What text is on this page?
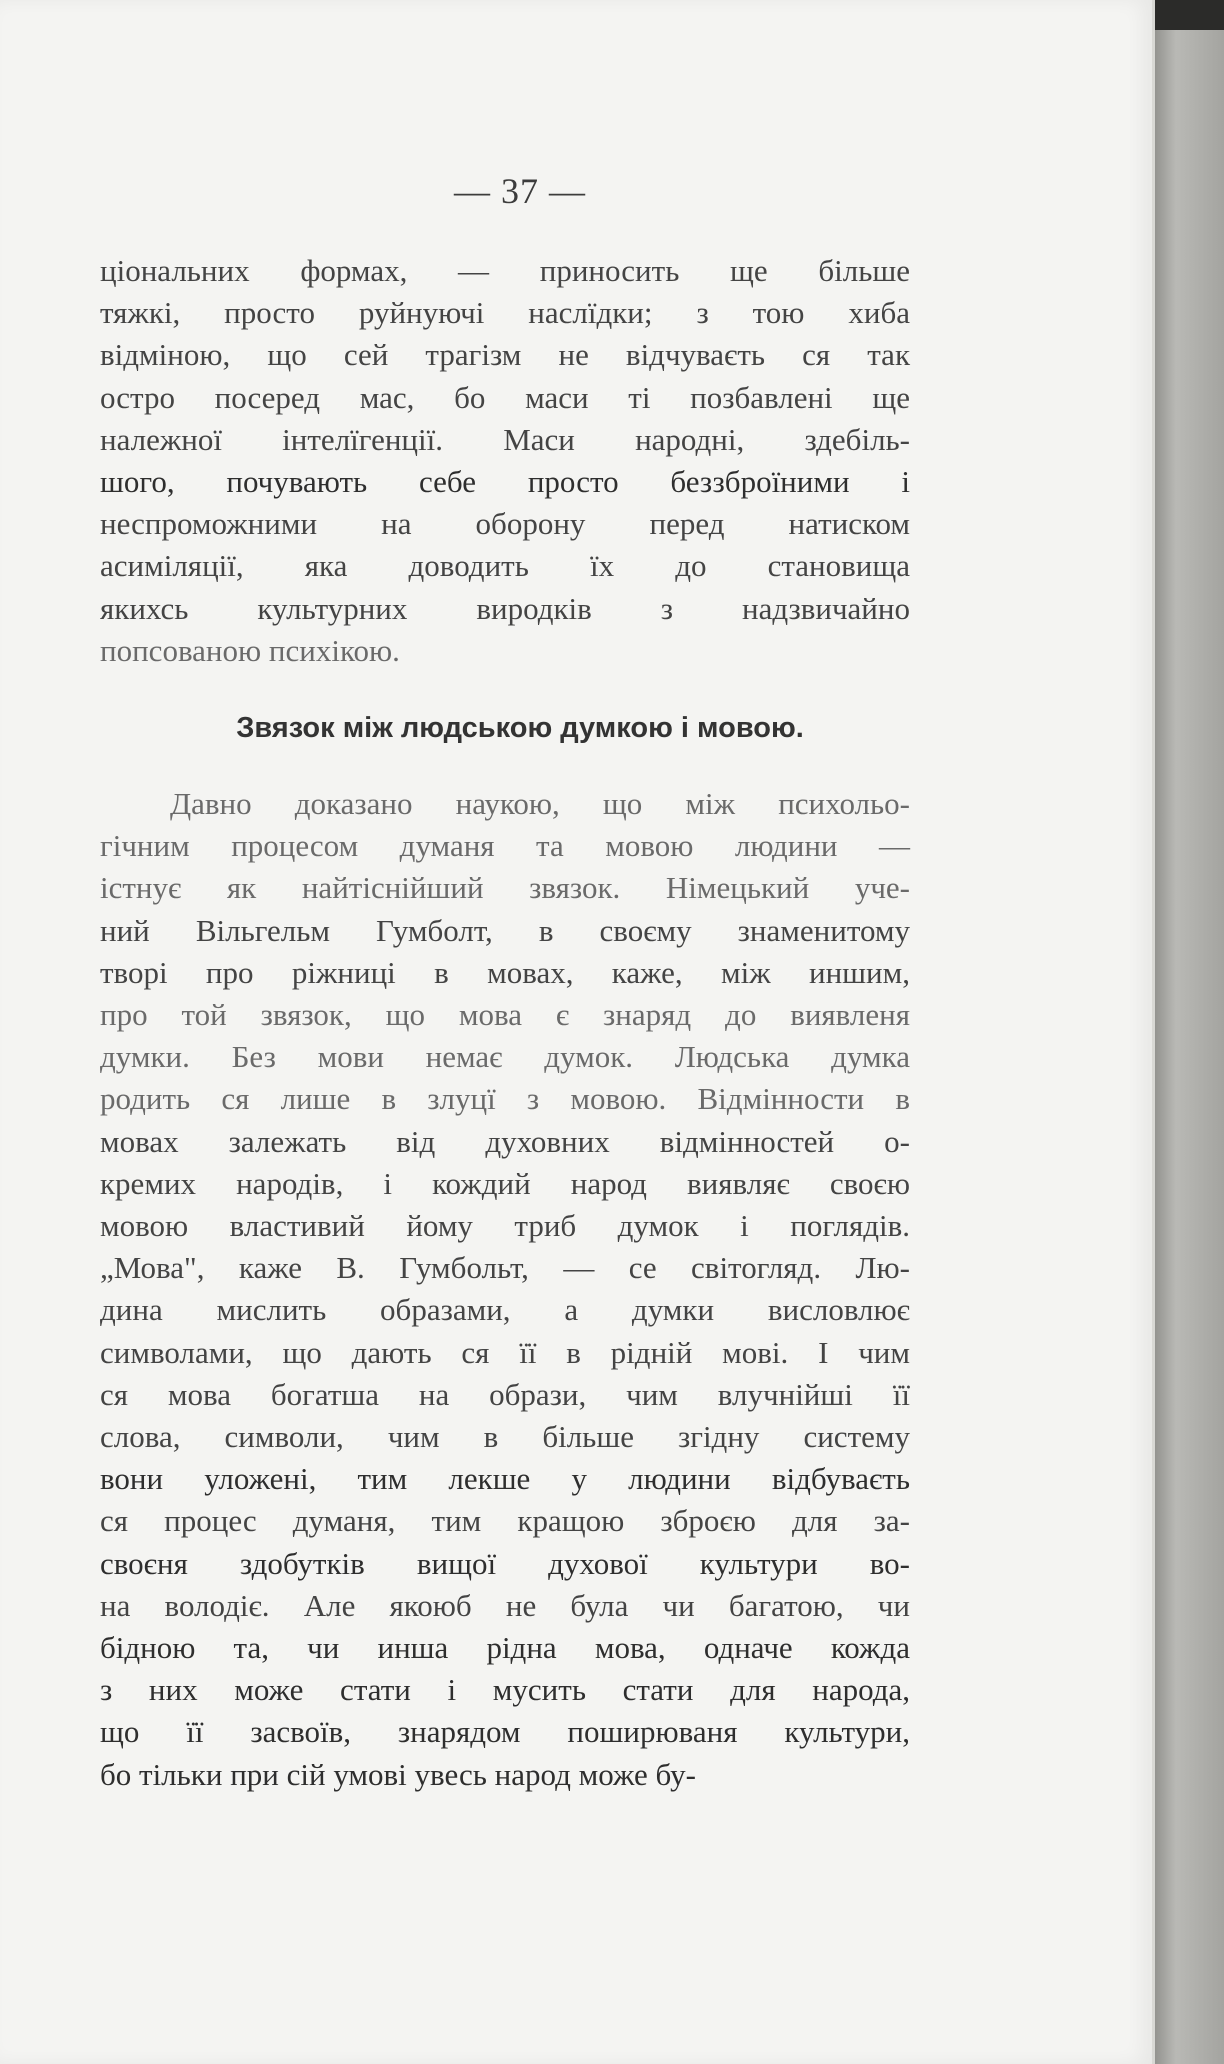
— 37 —
ціональних формах, — приносить ще більше
тяжкі, просто руйнуючі наслїдки; з тою хиба
відміною, що сей трагізм не відчуваєть ся так
остро посеред мас, бо маси ті позбавлені ще
належної інтелїгенції. Маси народні, здебіль-
шого, почувають себе просто беззброїними і
неспроможними на оборону перед натиском
асиміляції, яка доводить їх до становища
якихсь культурних виродків з надзвичайно
попсованою психікою.
Звязок між людською думкою і мовою.
Давно доказано наукою, що між психольо-
гічним процесом думаня та мовою людини —
істнує як найтіснійший звязок. Німецький уче-
ний Вільгельм Гумболт, в своєму знаменитому
творі про ріжниці в мовах, каже, між иншим,
про той звязок, що мова є знаряд до виявленя
думки. Без мови немає думок. Людська думка
родить ся лише в злуцї з мовою. Відмінности в
мовах залежать від духовних відмінностей о-
кремих народів, і кождий народ виявляє своєю
мовою властивий йому триб думок і поглядів.
„Мова", каже В. Гумбольт, — се світогляд. Лю-
дина мислить образами, а думки висловлює
символами, що дають ся її в рідній мові. І чим
ся мова богатша на образи, чим влучнійші її
слова, символи, чим в більше згідну систему
вони уложені, тим лекше у людини відбуваєть
ся процес думаня, тим кращою зброєю для за-
своєня здобутків вищої духової культури во-
на володіє. Але якоюб не була чи багатою, чи
бідною та, чи инша рідна мова, одначе кожда
з них може стати і мусить стати для народа,
що її засвоїв, знарядом поширюваня культури,
бо тільки при сій умові увесь народ може бу-
